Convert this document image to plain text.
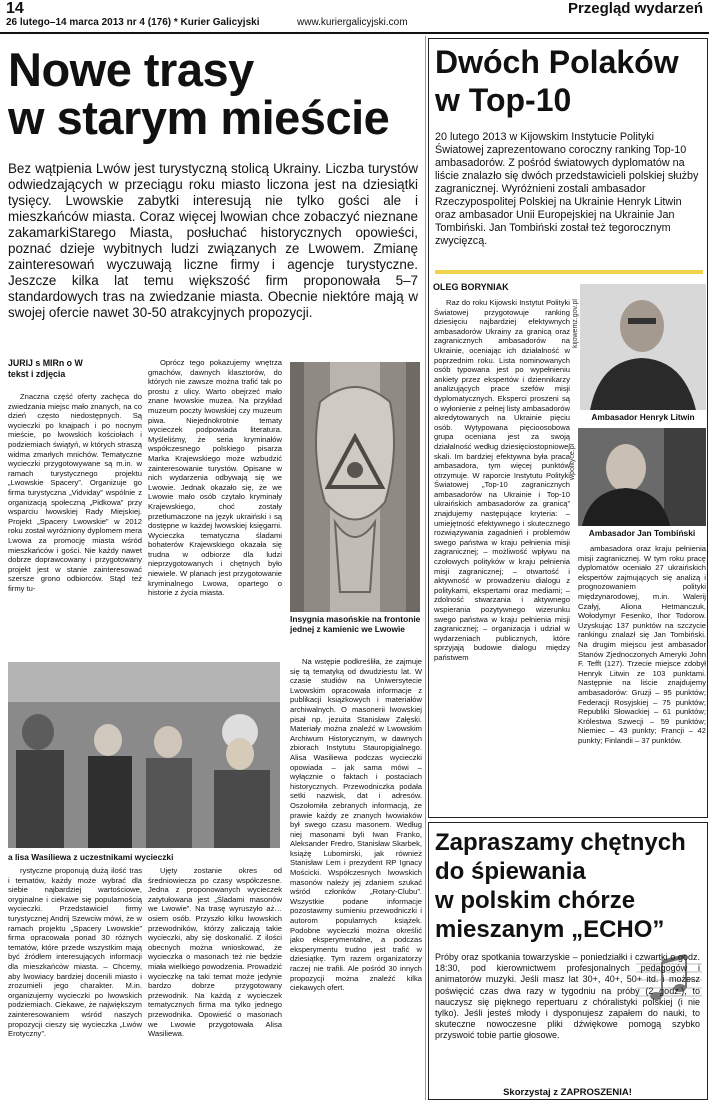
14
26 lutego–14 marca 2013 nr 4 (176) * Kurier Galicyjski	www.kuriergalicyjski.com
Przegląd wydarzeń
Nowe trasy
w starym mieście
Bez wątpienia Lwów jest turystyczną stolicą Ukrainy. Liczba turystów odwiedzających w przeciągu roku miasto liczona jest na dziesiątki tysięcy. Lwowskie zabytki interesują nie tylko gości ale i mieszkańców miasta. Coraz więcej lwowian chce zobaczyć nieznane zakamarkiStarego Miasta, posłuchać historycznych opowieści, poznać dzieje wybitnych ludzi związanych ze Lwowem. Zmianę zainteresowań wyczuwają liczne firmy i agencje turystyczne. Jeszcze kilka lat temu większość firm proponowała 5–7 standardowych tras na zwiedzanie miasta. Obecnie niektóre mają w swojej ofercie nawet 30-50 atrakcyjnych propozycji.
JURIJ s MIRn o W
tekst i zdjęcia
Znaczna część oferty zachęca do zwiedzania miejsc mało znanych, na co dzień często niedostępnych. Są wycieczki po knajpach i po nocnym mieście, po lwowskich kościołach i podziemiach świątyń, w których straszą widma zmarłych mnichów. Tematyczne wycieczki przygotowywane są m.in. w ramach turystycznego projektu „Lwowskie Spacery”. Organizuje go firma turystyczna „Vidviday” wspólnie z organizacją społeczną „Pidkowa” przy wsparciu lwowskiej Rady Miejskiej. Projekt „Spacery Lwowskie” w 2012 roku został wyróżniony dyplomem mera Lwowa za promocję miasta wśród mieszkańców i gości. Nie każdy nawet dobrze doprawcowany i przygotowany projekt jest w stanie zainteresować szersze grono odbiorców. Stąd też firmy tu-
Oprócz tego pokazujemy wnętrza gmachów, dawnych klasztorów, do których nie zawsze można trafić tak po prostu z ulicy. Warto obejrzeć mało znane lwowskie muzea. Na przykład muzeum poczty lwowskiej czy muzeum piwa. Niejednokrotnie tematy wycieczek podpowiada literatura. Myśleliśmy, że seria kryminałów współczesnego polskiego pisarza Marka Krajewskiego może wzbudzić zainteresowanie turystów. Opisane w nich wydarzenia odbywają się we Lwowie. Jednak okazało się, że we Lwowie mało osób czytało kryminały Krajewskiego, choć zostały przetłumaczone na język ukraiński i są dostępne w każdej lwowskiej księgarni. Wycieczka tematyczna śladami bohaterów Krajewskiego okazała się trudna w odbiorze dla ludzi nieprzygotowanych i chętnych było niewiele. W planach jest przygotowanie kryminalnego Lwowa, opartego o historie z życia miasta.
Insygnia masońskie na frontonie jednej z kamienic we Lwowie
a lisa Wasiliewa z uczestnikami wycieczki
Na wstępie podkreśliła, że zajmuje się tą tematyką od dwudziestu lat. W czasie studiów na Uniwersytecie Lwowskim opracowała informacje z publikacji książkowych i materiałów archiwalnych. O masonerii lwowskiej pisał np. jezuita Stanisław Załęski. Materiały można znaleźć w Lwowskim Archiwum Historycznym, w dawnych zbiorach Instytutu Stauropigialnego. Alisa Wasiliewa podczas wycieczki opowiada – jak sama mówi – wyłącznie o faktach i postaciach historycznych. Przewodniczka podała setki nazwisk, dat i adresów. Oszołomiła zebranych informacją, że prawie każdy ze znanych lwowiaków był swego czasu masonem. Według niej masonami byli Iwan Franko, Aleksander Fredro, Stanisław Skarbek, książę Lubomirski, jak również Stanisław Lem i prezydent RP Ignacy Mościcki. Współczesnych lwowskich masonów należy jej zdaniem szukać wśród członków „Rotary-Clubu”. Wszystkie podane informacje pozostawmy sumieniu przewodniczki i autorom popularnych książek. Podobne wycieczki można określić jako eksperymentalne, a podczas eksperymentu trudno jest trafić w dziesiątkę. Tym razem organizatorzy raczej nie trafili. Ale pośród 30 innych propozycji można znaleźć kilka ciekawych ofert.
rystyczne proponują dużą ilość tras i tematów, każdy może wybrać dla siebie najbardziej wartościowe, oryginalne i ciekawe się popularnością wycieczki. Przedstawiciel firmy turystycznej Andrij Szewciw mówi, że w ramach projektu „Spacery Lwowskie” firma opracowała ponad 30 różnych tematów, które przede wszystkim mają być źródłem interesujących informacji dla mieszkańców miasta. – Chcemy, aby lwowiacy bardziej docenili miasto i zrozumieli jego charakter. M.in. organizujemy wycieczki po lwowskich podziemiach. Ciekawe, że największym zainteresowaniem wśród naszych propozycji cieszy się wycieczka „Lwów Erotyczny”.
Ujęty zostanie okres od średniowiecza po czasy współczesne. Jedna z proponowanych wycieczek zatytułowana jest „Śladami masonów we Lwowie”. Na trasę wyruszyło aż… osiem osób. Przyszło kilku lwowskich przewodników, którzy zaliczają takie wycieczki, aby się doskonalić. Z ilości obecnych można wnioskować, że wycieczka o masonach też nie będzie miała wielkiego powodzenia. Prowadzić wycieczkę na taki temat może jedynie bardzo dobrze przygotowany przewodnik. Na każdą z wycieczek tematycznych firma ma tylko jednego przewodnika. Opowieść o masonach we Lwowie przygotowała Alisa Wasiliewa.
Dwóch Polaków
w Top-10
20 lutego 2013 w Kijowskim Instytucie Polityki Światowej zaprezentowano coroczny ranking Top-10 ambasadorów. Z pośród światowych dyplomatów na liście znalazło się dwóch przedstawicieli polskiej służby zagranicznej. Wyróżnieni zostali ambasador Rzeczypospolitej Polskiej na Ukrainie Henryk Litwin oraz ambasador Unii Europejskiej na Ukrainie Jan Tombiński. Jan Tombiński został też tegorocznym zwycięzcą.
OLEG BORYNIAK
Raz do roku Kijowski Instytut Polityki Światowej przygotowuje ranking dziesięciu najbardziej efektywnych ambasadorów Ukrainy za granicą oraz zagranicznych ambasadorów na Ukrainie, oceniając ich działalność w poprzednim roku. Lista nominowanych osób typowana jest po wypełnieniu ankiety przez ekspertów i dziennikarzy analizujących prace szefów misji dyplomatycznych. Eksperci proszeni są o wyłonienie z pełnej listy ambasadorów akredytowanych na Ukrainie pięciu osób. Wytypowana pięcioosobowa grupa oceniana jest za swoją działalność według dziesięciostopniowej skali. Im bardziej efektywna była praca ambasadora, tym więcej punktów otrzymuje. W raporcie Instytutu Polityki Światowej „Top-10 zagranicznych ambasadorów na Ukrainie i Top-10 ukraińskich ambasadorów za granicą” znajdujemy następujące kryteria: – umiejętność efektywnego i skutecznego rozwiązywania zagadnień i problemów swego państwa w kraju pełnienia misji zagranicznej; – możliwość wpływu na czołowych polityków w kraju pełnienia misji zagranicznej; – otwartość i aktywność w prowadzeniu dialogu z politykami, ekspertami oraz mediami; – zdolność stwarzania i aktywnego wspierania pozytywnego wizerunku swego państwa w kraju pełnienia misji zagranicznej; – organizacja i udział w wydarzeniach publicznych, które sprzyjają budowie dialogu między państwem
kijowemz.gov.pl
Ambasador Henryk Litwin
wpolityce.pl
Ambasador Jan Tombiński
ambasadora oraz kraju pełnienia misji zagranicznej. W tym roku pracę dyplomatów oceniało 27 ukraińskich ekspertów zajmujących się analizą i prognozowaniem polityki międzynarodowej, m.in. Walerij Czałyj, Aliona Hetmanczuk, Wołodymyr Fesenko, Ihor Todorow. Uzyskując 137 punktów na szczycie rankingu znalazł się Jan Tombiński. Na drugim miejscu jest ambasador Stanów Zjednoczonych Ameryki John F. Tefft (127). Trzecie miejsce zdobył Henryk Litwin ze 103 punktami. Następnie na liście znajdujemy ambasadorów: Gruzji – 95 punktów; Federacji Rosyjskiej – 75 punktów; Republiki Słowackiej – 61 punktów; Królestwa Szwecji – 59 punktów; Niemiec – 43 punkty; Francji – 42 punkty; Finlandii – 37 punktów.
Zapraszamy chętnych
do śpiewania
w polskim chórze
mieszanym „ECHO”
Próby oraz spotkania towarzyskie – poniedziałki i czwartki o godz. 18:30, pod kierownictwem profesjonalnych pedagogów i animatorów muzyki. Jeśli masz lat 30+, 40+, 50+ itd. i możesz poświęcić czas dwa razy w tygodniu na próby (2 godz.), to nauczysz się pięknego repertuaru z chóralistyki polskiej (i nie tylko). Jeśli jesteś młody i dysponujesz zapałem do nauki, to skuteczne nowoczesne pliki dźwiękowe pomogą szybko przyswoić tobie partie głosowe.
Skorzystaj z ZAPROSZENIA!
